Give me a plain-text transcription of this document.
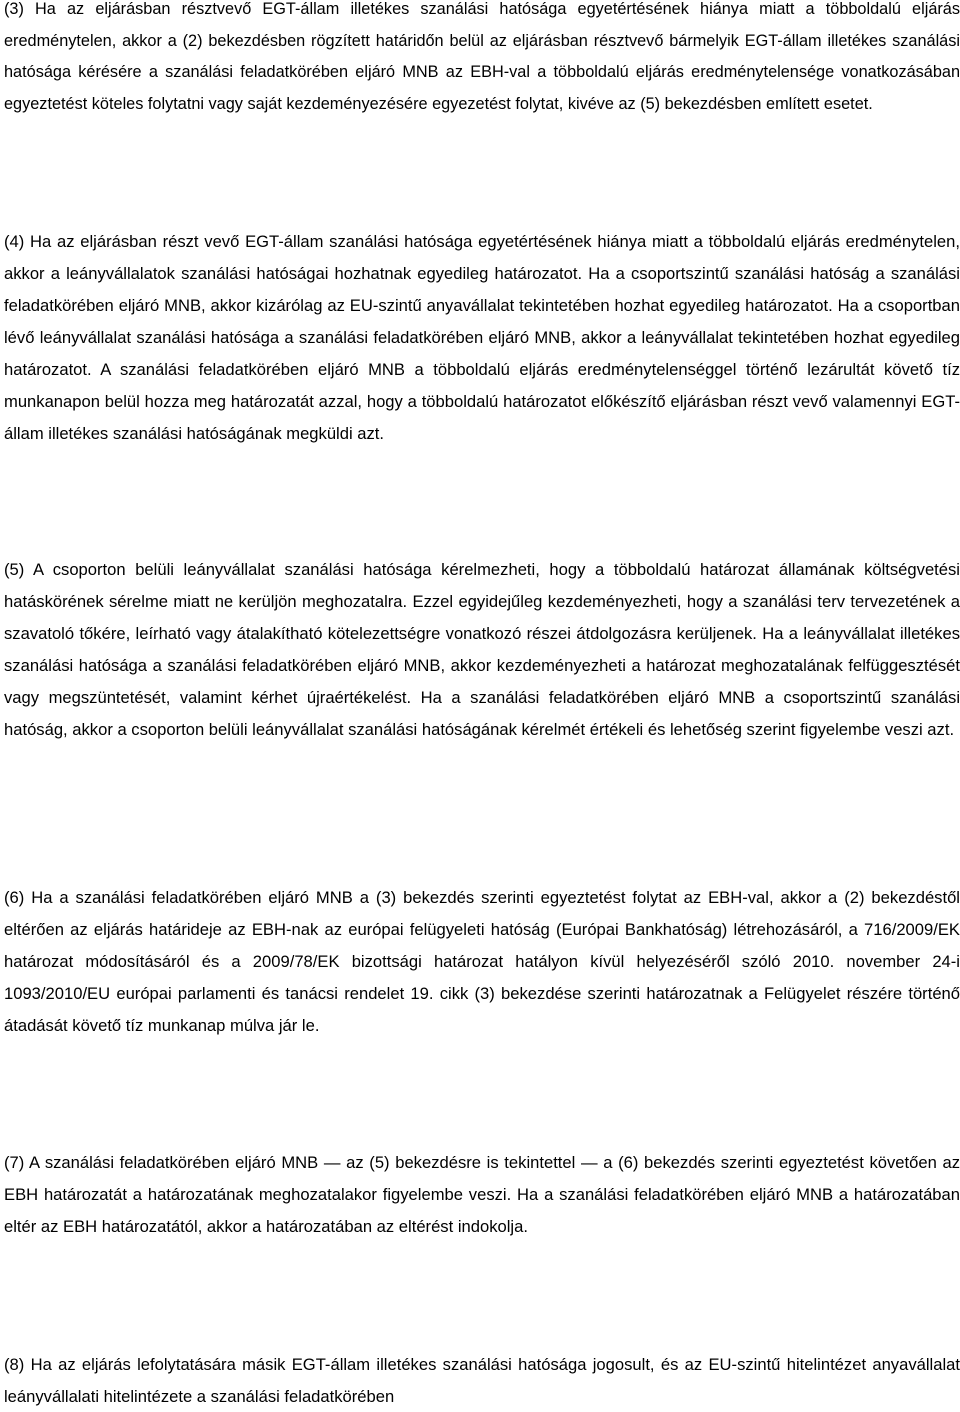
(3) Ha az eljárásban résztvevő EGT-állam illetékes szanálási hatósága egyetértésének hiánya miatt a többoldalú eljárás eredménytelen, akkor a (2) bekezdésben rögzített határidőn belül az eljárásban résztvevő bármelyik EGT-állam illetékes szanálási hatósága kérésére a szanálási feladatkörében eljáró MNB az EBH-val a többoldalú eljárás eredménytelensége vonatkozásában egyeztetést köteles folytatni vagy saját kezdeményezésére egyezetést folytat, kivéve az (5) bekezdésben említett esetet.

(4) Ha az eljárásban részt vevő EGT-állam szanálási hatósága egyetértésének hiánya miatt a többoldalú eljárás eredménytelen, akkor a leányvállalatok szanálási hatóságai hozhatnak egyedileg határozatot. Ha a csoportszintű szanálási hatóság a szanálási feladatkörében eljáró MNB, akkor kizárólag az EU-szintű anyavállalat tekintetében hozhat egyedileg határozatot. Ha a csoportban lévő leányvállalat szanálási hatósága a szanálási feladatkörében eljáró MNB, akkor a leányvállalat tekintetében hozhat egyedileg határozatot. A szanálási feladatkörében eljáró MNB a többoldalú eljárás eredménytelenséggel történő lezárultát követő tíz munkanapon belül hozza meg határozatát azzal, hogy a többoldalú határozatot előkészítő eljárásban részt vevő valamennyi EGT-állam illetékes szanálási hatóságának megküldi azt.

(5) A csoporton belüli leányvállalat szanálási hatósága kérelmezheti, hogy a többoldalú határozat államának költségvetési hatáskörének sérelme miatt ne kerüljön meghozatalra. Ezzel egyidejűleg kezdeményezheti, hogy a szanálási terv tervezetének a szavatoló tőkére, leírható vagy átalakítható kötelezettségre vonatkozó részei átdolgozásra kerüljenek. Ha a leányvállalat illetékes szanálási hatósága a szanálási feladatkörében eljáró MNB, akkor kezdeményezheti a határozat meghozatalának felfüggesztését vagy megszüntetését, valamint kérhet újraértékelést. Ha a szanálási feladatkörében eljáró MNB a csoportszintű szanálási hatóság, akkor a csoporton belüli leányvállalat szanálási hatóságának kérelmét értékeli és lehetőség szerint figyelembe veszi azt.

(6) Ha a szanálási feladatkörében eljáró MNB a (3) bekezdés szerinti egyeztetést folytat az EBH-val, akkor a (2) bekezdéstől eltérően az eljárás határideje az EBH-nak az európai felügyeleti hatóság (Európai Bankhatóság) létrehozásáról, a 716/2009/EK határozat módosításáról és a 2009/78/EK bizottsági határozat hatályon kívül helyezéséről szóló 2010. november 24-i 1093/2010/EU európai parlamenti és tanácsi rendelet 19. cikk (3) bekezdése szerinti határozatnak a Felügyelet részére történő átadását követő tíz munkanap múlva jár le.

(7) A szanálási feladatkörében eljáró MNB — az (5) bekezdésre is tekintettel — a (6) bekezdés szerinti egyeztetést követően az EBH határozatát a határozatának meghozatalakor figyelembe veszi. Ha a szanálási feladatkörében eljáró MNB a határozatában eltér az EBH határozatától, akkor a határozatában az eltérést indokolja.

(8) Ha az eljárás lefolytatására másik EGT-állam illetékes szanálási hatósága jogosult, és az EU-szintű hitelintézet anyavállalat leányvállalati hitelintézete a szanálási feladatkörében
